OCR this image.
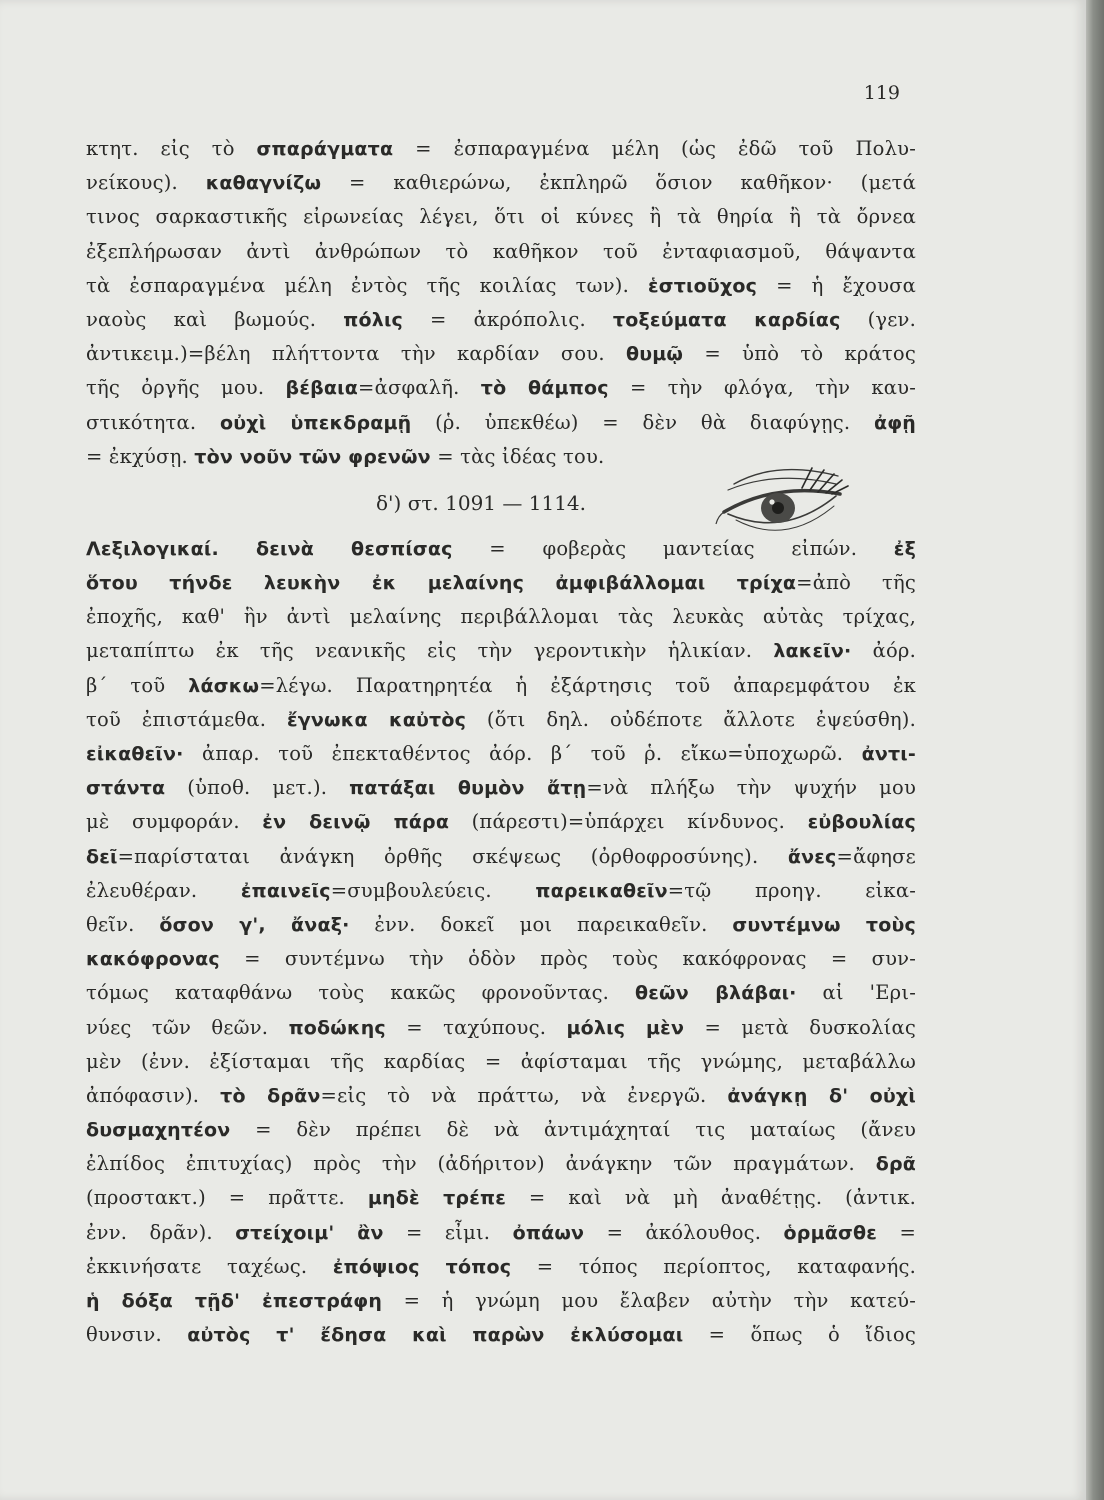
119
κτητ. εἰς τὸ σπαράγματα = ἐσπαραγμένα μέλη (ὡς ἐδῶ τοῦ Πολυ-
νείκους). καθαγνίζω = καθιερώνω, ἐκπληρῶ ὅσιον καθῆκον· (μετά
τινος σαρκαστικῆς εἰρωνείας λέγει, ὅτι οἱ κύνες ἢ τὰ θηρία ἢ τὰ ὄρνεα
ἐξεπλήρωσαν ἀντὶ ἀνθρώπων τὸ καθῆκον τοῦ ἐνταφιασμοῦ, θάψαντα
τὰ ἐσπαραγμένα μέλη ἐντὸς τῆς κοιλίας των). ἑστιοῦχος = ἡ ἔχουσα
ναοὺς καὶ βωμούς. πόλις = ἀκρόπολις. τοξεύματα καρδίας (γεν.
ἀντικειμ.)=βέλη πλήττοντα τὴν καρδίαν σου. θυμῷ = ὑπὸ τὸ κράτος
τῆς ὀργῆς μου. βέβαια=ἀσφαλῆ. τὸ θάμπος = τὴν φλόγα, τὴν καυ-
στικότητα. οὐχὶ ὑπεκδραμῇ (ῥ. ὑπεκθέω) = δὲν θὰ διαφύγῃς. ἀφῇ
= ἐκχύσῃ. τὸν νοῦν τῶν φρενῶν = τὰς ἰδέας του.
δ') στ. 1091 — 1114.
Λεξιλογικαί. δεινὰ θεσπίσας = φοβερὰς μαντείας εἰπών. ἐξ
ὅτου τήνδε λευκὴν ἐκ μελαίνης ἀμφιβάλλομαι τρίχα=ἀπὸ τῆς
ἐποχῆς, καθ' ἣν ἀντὶ μελαίνης περιβάλλομαι τὰς λευκὰς αὐτὰς τρίχας,
μεταπίπτω ἐκ τῆς νεανικῆς εἰς τὴν γεροντικὴν ἡλικίαν. λακεῖν· ἀόρ.
β΄ τοῦ λάσκω=λέγω. Παρατηρητέα ἡ ἐξάρτησις τοῦ ἀπαρεμφάτου ἐκ
τοῦ ἐπιστάμεθα. ἔγνωκα καὐτὸς (ὅτι δηλ. οὐδέποτε ἄλλοτε ἐψεύσθη).
εἰκαθεῖν· ἀπαρ. τοῦ ἐπεκταθέντος ἀόρ. β΄ τοῦ ῥ. εἴκω=ὑποχωρῶ. ἀντι-
στάντα (ὑποθ. μετ.). πατάξαι θυμὸν ἄτῃ=νὰ πλήξω τὴν ψυχήν μου
μὲ συμφοράν. ἐν δεινῷ πάρα (πάρεστι)=ὑπάρχει κίνδυνος. εὐβουλίας
δεῖ=παρίσταται ἀνάγκη ὀρθῆς σκέψεως (ὀρθοφροσύνης). ἄνες=ἄφησε
ἐλευθέραν. ἐπαινεῖς=συμβουλεύεις. παρεικαθεῖν=τῷ προηγ. εἰκα-
θεῖν. ὅσον γ', ἄναξ· ἐνν. δοκεῖ μοι παρεικαθεῖν. συντέμνω τοὺς
κακόφρονας = συντέμνω τὴν ὁδὸν πρὸς τοὺς κακόφρονας = συν-
τόμως καταφθάνω τοὺς κακῶς φρονοῦντας. θεῶν βλάβαι· αἱ 'Ερι-
νύες τῶν θεῶν. ποδώκης = ταχύπους. μόλις μὲν = μετὰ δυσκολίας
μὲν (ἐνν. ἐξίσταμαι τῆς καρδίας = ἀφίσταμαι τῆς γνώμης, μεταβάλλω
ἀπόφασιν). τὸ δρᾶν=εἰς τὸ νὰ πράττω, νὰ ἐνεργῶ. ἀνάγκῃ δ' οὐχὶ
δυσμαχητέον = δὲν πρέπει δὲ νὰ ἀντιμάχηταί τις ματαίως (ἄνευ
ἐλπίδος ἐπιτυχίας) πρὸς τὴν (ἀδήριτον) ἀνάγκην τῶν πραγμάτων. δρᾶ
(προστακτ.) = πρᾶττε. μηδὲ τρέπε = καὶ νὰ μὴ ἀναθέτῃς. (ἀντικ.
ἐνν. δρᾶν). στείχοιμ' ἂν = εἶμι. ὀπάων = ἀκόλουθος. ὁρμᾶσθε =
ἐκκινήσατε ταχέως. ἐπόψιος τόπος = τόπος περίοπτος, καταφανής.
ἡ δόξα τῇδ' ἐπεστράφη = ἡ γνώμη μου ἔλαβεν αὐτὴν τὴν κατεύ-
θυνσιν. αὐτὸς τ' ἔδησα καὶ παρὼν ἐκλύσομαι = ὅπως ὁ ἴδιος
